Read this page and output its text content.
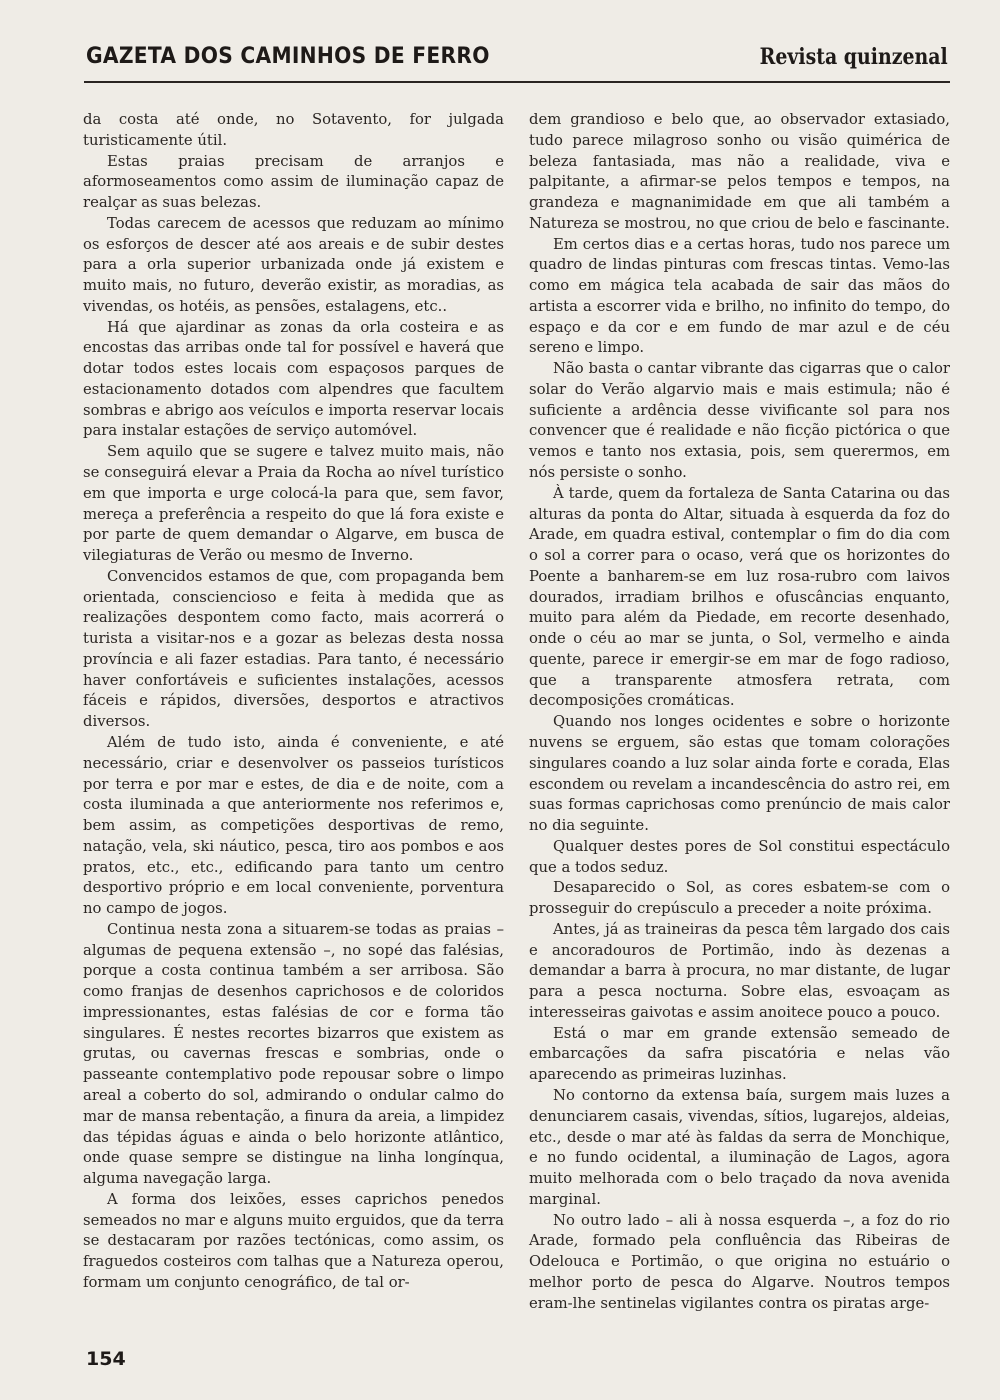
GAZETA DOS CAMINHOS DE FERRO	Revista quinzenal

da costa até onde, no Sotavento, for julgada turisticamente útil.

Estas praias precisam de arranjos e aformoseamentos como assim de iluminação capaz de realçar as suas belezas.

Todas carecem de acessos que reduzam ao mínimo os esforços de descer até aos areais e de subir destes para a orla superior urbanizada onde já existem e muito mais, no futuro, deverão existir, as moradias, as vivendas, os hotéis, as pensões, estalagens, etc..

Há que ajardinar as zonas da orla costeira e as encostas das arribas onde tal for possível e haverá que dotar todos estes locais com espaçosos parques de estacionamento dotados com alpendres que facultem sombras e abrigo aos veículos e importa reservar locais para instalar estações de serviço automóvel.

Sem aquilo que se sugere e talvez muito mais, não se conseguirá elevar a Praia da Rocha ao nível turístico em que importa e urge colocá-la para que, sem favor, mereça a preferência a respeito do que lá fora existe e por parte de quem demandar o Algarve, em busca de vilegiaturas de Verão ou mesmo de Inverno.

Convencidos estamos de que, com propaganda bem orientada, consciencioso e feita à medida que as realizações despontem como facto, mais acorrerá o turista a visitar-nos e a gozar as belezas desta nossa província e ali fazer estadias. Para tanto, é necessário haver confortáveis e suficientes instalações, acessos fáceis e rápidos, diversões, desportos e atractivos diversos.

Além de tudo isto, ainda é conveniente, e até necessário, criar e desenvolver os passeios turísticos por terra e por mar e estes, de dia e de noite, com a costa iluminada a que anteriormente nos referimos e, bem assim, as competições desportivas de remo, natação, vela, ski náutico, pesca, tiro aos pombos e aos pratos, etc., etc., edificando para tanto um centro desportivo próprio e em local conveniente, porventura no campo de jogos.

Continua nesta zona a situarem-se todas as praias – algumas de pequena extensão –, no sopé das falésias, porque a costa continua também a ser arribosa. São como franjas de desenhos caprichosos e de coloridos impressionantes, estas falésias de cor e forma tão singulares. É nestes recortes bizarros que existem as grutas, ou cavernas frescas e sombrias, onde o passeante contemplativo pode repousar sobre o limpo areal a coberto do sol, admirando o ondular calmo do mar de mansa rebentação, a finura da areia, a limpidez das tépidas águas e ainda o belo horizonte atlântico, onde quase sempre se distingue na linha longínqua, alguma navegação larga.

A forma dos leixões, esses caprichos penedos semeados no mar e alguns muito erguidos, que da terra se destacaram por razões tectónicas, como assim, os fraguedos costeiros com talhas que a Natureza operou, formam um conjunto cenográfico, de tal or-

dem grandioso e belo que, ao observador extasiado, tudo parece milagroso sonho ou visão quimérica de beleza fantasiada, mas não a realidade, viva e palpitante, a afirmar-se pelos tempos e tempos, na grandeza e magnanimidade em que ali também a Natureza se mostrou, no que criou de belo e fascinante.

Em certos dias e a certas horas, tudo nos parece um quadro de lindas pinturas com frescas tintas. Vemo-las como em mágica tela acabada de sair das mãos do artista a escorrer vida e brilho, no infinito do tempo, do espaço e da cor e em fundo de mar azul e de céu sereno e limpo.

Não basta o cantar vibrante das cigarras que o calor solar do Verão algarvio mais e mais estimula; não é suficiente a ardência desse vivificante sol para nos convencer que é realidade e não ficção pictórica o que vemos e tanto nos extasia, pois, sem querermos, em nós persiste o sonho.

À tarde, quem da fortaleza de Santa Catarina ou das alturas da ponta do Altar, situada à esquerda da foz do Arade, em quadra estival, contemplar o fim do dia com o sol a correr para o ocaso, verá que os horizontes do Poente a banharem-se em luz rosa-rubro com laivos dourados, irradiam brilhos e ofuscâncias enquanto, muito para além da Piedade, em recorte desenhado, onde o céu ao mar se junta, o Sol, vermelho e ainda quente, parece ir emergir-se em mar de fogo radioso, que a transparente atmosfera retrata, com decomposições cromáticas.

Quando nos longes ocidentes e sobre o horizonte nuvens se erguem, são estas que tomam colorações singulares coando a luz solar ainda forte e corada, Elas escondem ou revelam a incandescência do astro rei, em suas formas caprichosas como prenúncio de mais calor no dia seguinte.

Qualquer destes pores de Sol constitui espectáculo que a todos seduz.

Desaparecido o Sol, as cores esbatem-se com o prosseguir do crepúsculo a preceder a noite próxima.

Antes, já as traineiras da pesca têm largado dos cais e ancoradouros de Portimão, indo às dezenas a demandar a barra à procura, no mar distante, de lugar para a pesca nocturna. Sobre elas, esvoaçam as interesseiras gaivotas e assim anoitece pouco a pouco.

Está o mar em grande extensão semeado de embarcações da safra piscatória e nelas vão aparecendo as primeiras luzinhas.

No contorno da extensa baía, surgem mais luzes a denunciarem casais, vivendas, sítios, lugarejos, aldeias, etc., desde o mar até às faldas da serra de Monchique, e no fundo ocidental, a iluminação de Lagos, agora muito melhorada com o belo traçado da nova avenida marginal.

No outro lado – ali à nossa esquerda –, a foz do rio Arade, formado pela confluência das Ribeiras de Odelouca e Portimão, o que origina no estuário o melhor porto de pesca do Algarve. Noutros tempos eram-lhe sentinelas vigilantes contra os piratas arge-

154
